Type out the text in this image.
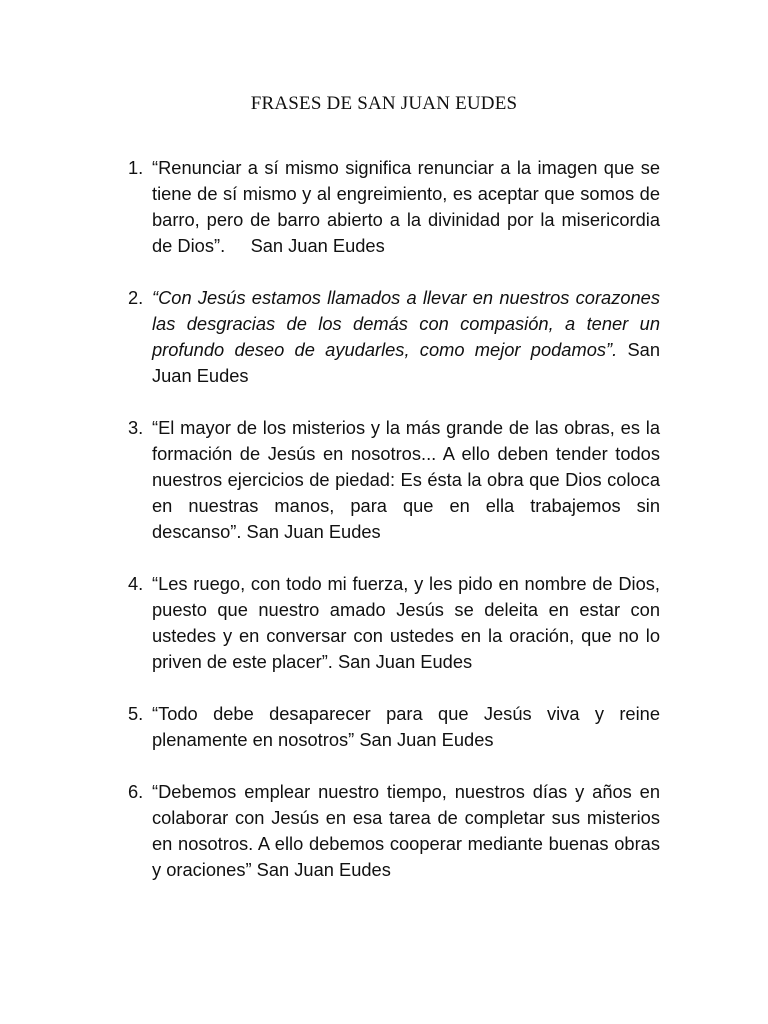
FRASES DE SAN JUAN EUDES
1. “Renunciar a sí mismo significa renunciar a la imagen que se tiene de sí mismo y al engreimiento, es aceptar que somos de barro, pero de barro abierto a la divinidad por la misericordia de Dios”. San Juan Eudes
2. “Con Jesús estamos llamados a llevar en nuestros corazones las desgracias de los demás con compasión, a tener un profundo deseo de ayudarles, como mejor podamos”. San Juan Eudes
3. “El mayor de los misterios y la más grande de las obras, es la formación de Jesús en nosotros... A ello deben tender todos nuestros ejercicios de piedad: Es ésta la obra que Dios coloca en nuestras manos, para que en ella trabajemos sin descanso”. San Juan Eudes
4. “Les ruego, con todo mi fuerza, y les pido en nombre de Dios, puesto que nuestro amado Jesús se deleita en estar con ustedes y en conversar con ustedes en la oración, que no lo priven de este placer”. San Juan Eudes
5. “Todo debe desaparecer para que Jesús viva y reine plenamente en nosotros” San Juan Eudes
6. “Debemos emplear nuestro tiempo, nuestros días y años en colaborar con Jesús en esa tarea de completar sus misterios en nosotros. A ello debemos cooperar mediante buenas obras y oraciones” San Juan Eudes
